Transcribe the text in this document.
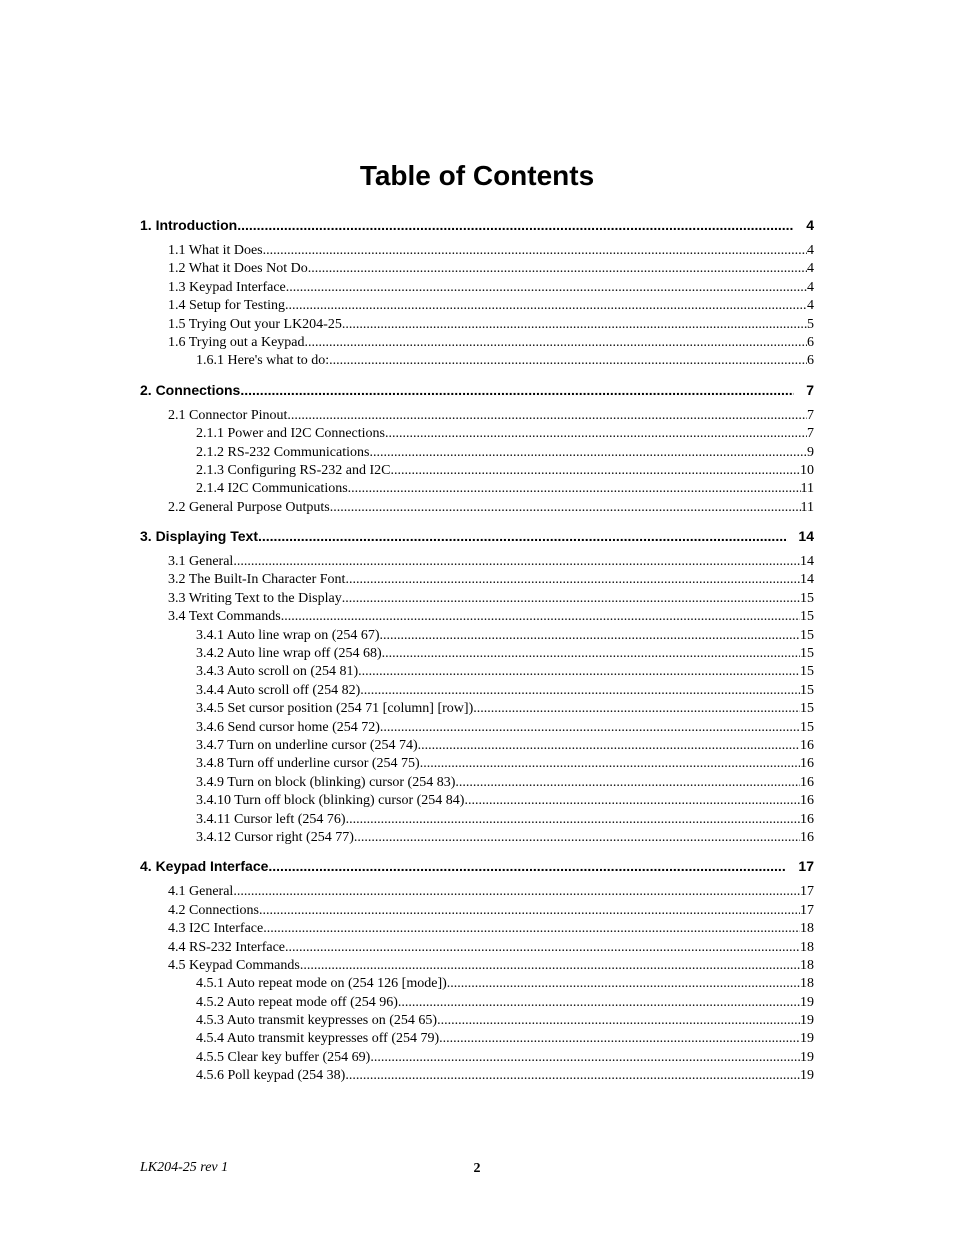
Table of Contents
1. Introduction .....	4
1.1 What it Does .....	4
1.2 What it Does Not Do .....	4
1.3 Keypad Interface .....	4
1.4 Setup for Testing .....	4
1.5 Trying Out your LK204-25 .....	5
1.6 Trying out a Keypad .....	6
1.6.1 Here's what to do: .....	6
2. Connections .....	7
2.1 Connector Pinout .....	7
2.1.1 Power and I2C Connections .....	7
2.1.2 RS-232 Communications .....	9
2.1.3 Configuring RS-232 and I2C .....	10
2.1.4 I2C Communications .....	11
2.2 General Purpose Outputs .....	11
3. Displaying Text .....	14
3.1 General .....	14
3.2 The Built-In Character Font .....	14
3.3 Writing Text to the Display .....	15
3.4 Text Commands .....	15
3.4.1 Auto line wrap on (254 67) .....	15
3.4.2 Auto line wrap off (254 68) .....	15
3.4.3 Auto scroll on (254 81) .....	15
3.4.4 Auto scroll off (254 82) .....	15
3.4.5 Set cursor position (254 71 [column] [row]) .....	15
3.4.6 Send cursor home (254 72) .....	15
3.4.7 Turn on underline cursor (254 74) .....	16
3.4.8 Turn off underline cursor (254 75) .....	16
3.4.9 Turn on block (blinking) cursor (254 83) .....	16
3.4.10 Turn off block (blinking) cursor (254 84) .....	16
3.4.11 Cursor left (254 76) .....	16
3.4.12 Cursor right (254 77) .....	16
4. Keypad Interface .....	17
4.1 General .....	17
4.2 Connections .....	17
4.3 I2C Interface .....	18
4.4 RS-232 Interface .....	18
4.5 Keypad Commands .....	18
4.5.1 Auto repeat mode on (254 126 [mode]) .....	18
4.5.2 Auto repeat mode off (254 96) .....	19
4.5.3 Auto transmit keypresses on (254 65) .....	19
4.5.4 Auto transmit keypresses off (254 79) .....	19
4.5.5 Clear key buffer (254 69) .....	19
4.5.6 Poll keypad (254 38) .....	19
LK204-25 rev 1	2
